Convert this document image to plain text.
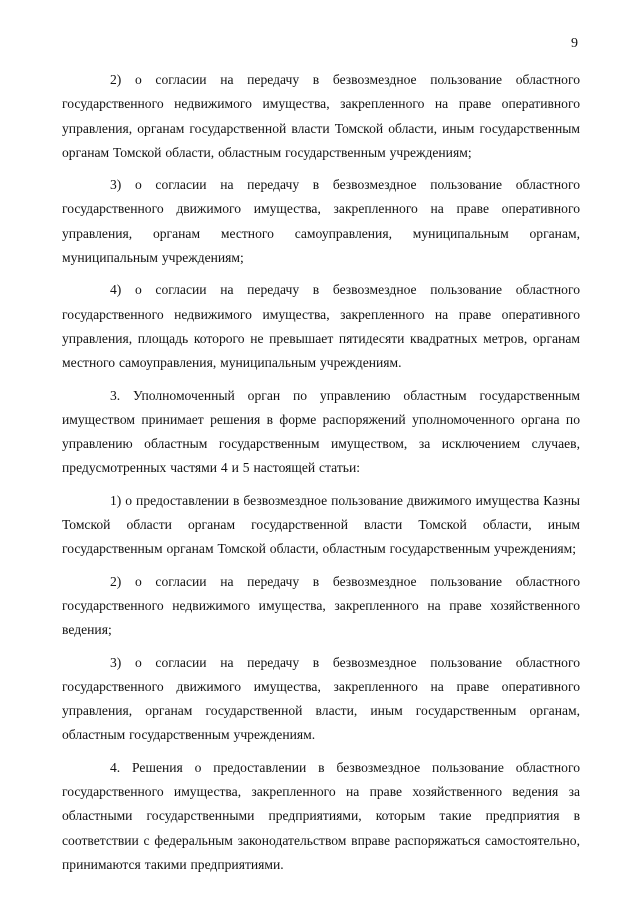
9

2) о согласии на передачу в безвозмездное пользование областного государственного недвижимого имущества, закрепленного на праве оперативного управления, органам государственной власти Томской области, иным государственным органам Томской области, областным государственным учреждениям;

3) о согласии на передачу в безвозмездное пользование областного государственного движимого имущества, закрепленного на праве оперативного управления, органам местного самоуправления, муниципальным органам, муниципальным учреждениям;

4) о согласии на передачу в безвозмездное пользование областного государственного недвижимого имущества, закрепленного на праве оперативного управления, площадь которого не превышает пятидесяти квадратных метров, органам местного самоуправления, муниципальным учреждениям.

3. Уполномоченный орган по управлению областным государственным имуществом принимает решения в форме распоряжений уполномоченного органа по управлению областным государственным имуществом, за исключением случаев, предусмотренных частями 4 и 5 настоящей статьи:

1) о предоставлении в безвозмездное пользование движимого имущества Казны Томской области органам государственной власти Томской области, иным государственным органам Томской области, областным государственным учреждениям;

2) о согласии на передачу в безвозмездное пользование областного государственного недвижимого имущества, закрепленного на праве хозяйственного ведения;

3) о согласии на передачу в безвозмездное пользование областного государственного движимого имущества, закрепленного на праве оперативного управления, органам государственной власти, иным государственным органам, областным государственным учреждениям.

4. Решения о предоставлении в безвозмездное пользование областного государственного имущества, закрепленного на праве хозяйственного ведения за областными государственными предприятиями, которым такие предприятия в соответствии с федеральным законодательством вправе распоряжаться самостоятельно, принимаются такими предприятиями.
